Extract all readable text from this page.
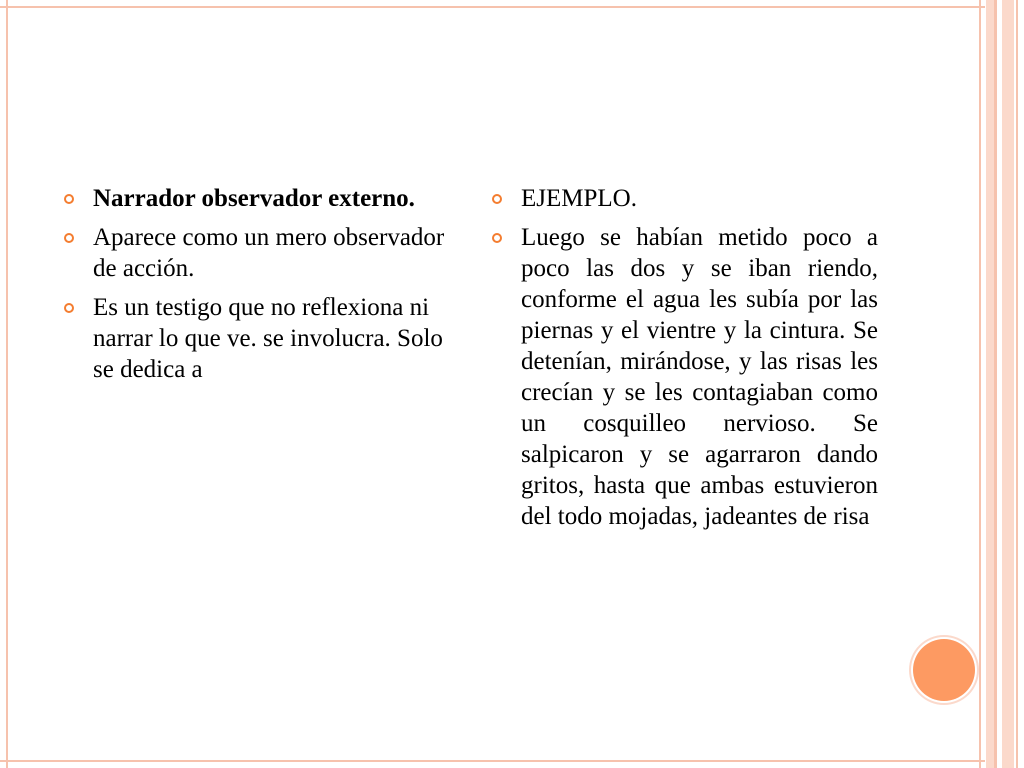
Narrador observador externo.
Aparece como un mero observador de acción.
Es un testigo que no reflexiona ni narrar lo que ve. se involucra. Solo se dedica a
EJEMPLO.
Luego se habían metido poco a poco las dos y se iban riendo, conforme el agua les subía por las piernas y el vientre y la cintura. Se detenían, mirándose, y las risas les crecían y se les contagiaban como un cosquilleo nervioso. Se salpicaron y se agarraron dando gritos, hasta que ambas estuvieron del todo mojadas, jadeantes de risa
